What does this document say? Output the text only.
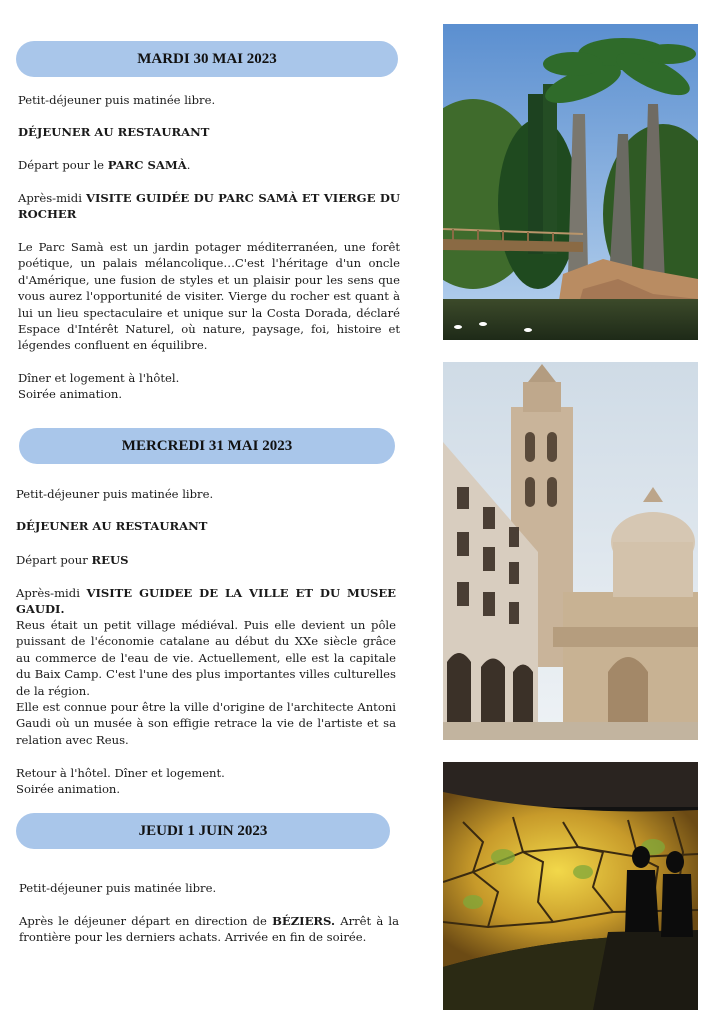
MARDI 30 MAI 2023

Petit-déjeuner puis matinée libre.

DÉJEUNER AU RESTAURANT

Départ pour le PARC SAMÀ.

Après-midi VISITE GUIDÉE DU PARC SAMÀ ET VIERGE DU ROCHER

Le Parc Samà est un jardin potager méditerranéen, une forêt poétique, un palais mélancolique…C'est l'héritage d'un oncle d'Amérique, une fusion de styles et un plaisir pour les sens que vous aurez l'opportunité de visiter. Vierge du rocher est quant à lui un lieu spectaculaire et unique sur la Costa Dorada, déclaré Espace d'Intérêt Naturel, où nature, paysage, foi, histoire et légendes confluent en équilibre.

Dîner et logement à l'hôtel.
Soirée animation.

MERCREDI 31 MAI 2023

Petit-déjeuner puis matinée libre.

DÉJEUNER AU RESTAURANT

Départ pour REUS

Après-midi VISITE GUIDEE DE LA VILLE ET DU MUSEE GAUDI.

Reus était un petit village médiéval. Puis elle devient un pôle puissant de l'économie catalane au début du XXe siècle grâce au commerce de l'eau de vie. Actuellement, elle est la capitale du Baix Camp. C'est l'une des plus importantes villes culturelles de la région.

Elle est connue pour être la ville d'origine de l'architecte Antoni Gaudi où un musée à son effigie retrace la vie de l'artiste et sa relation avec Reus.

Retour à l'hôtel. Dîner et logement.
Soirée animation.

JEUDI 1 JUIN 2023

Petit-déjeuner puis matinée libre.

Après le déjeuner départ en direction de BÉZIERS. Arrêt à la frontière pour les derniers achats. Arrivée en fin de soirée.
